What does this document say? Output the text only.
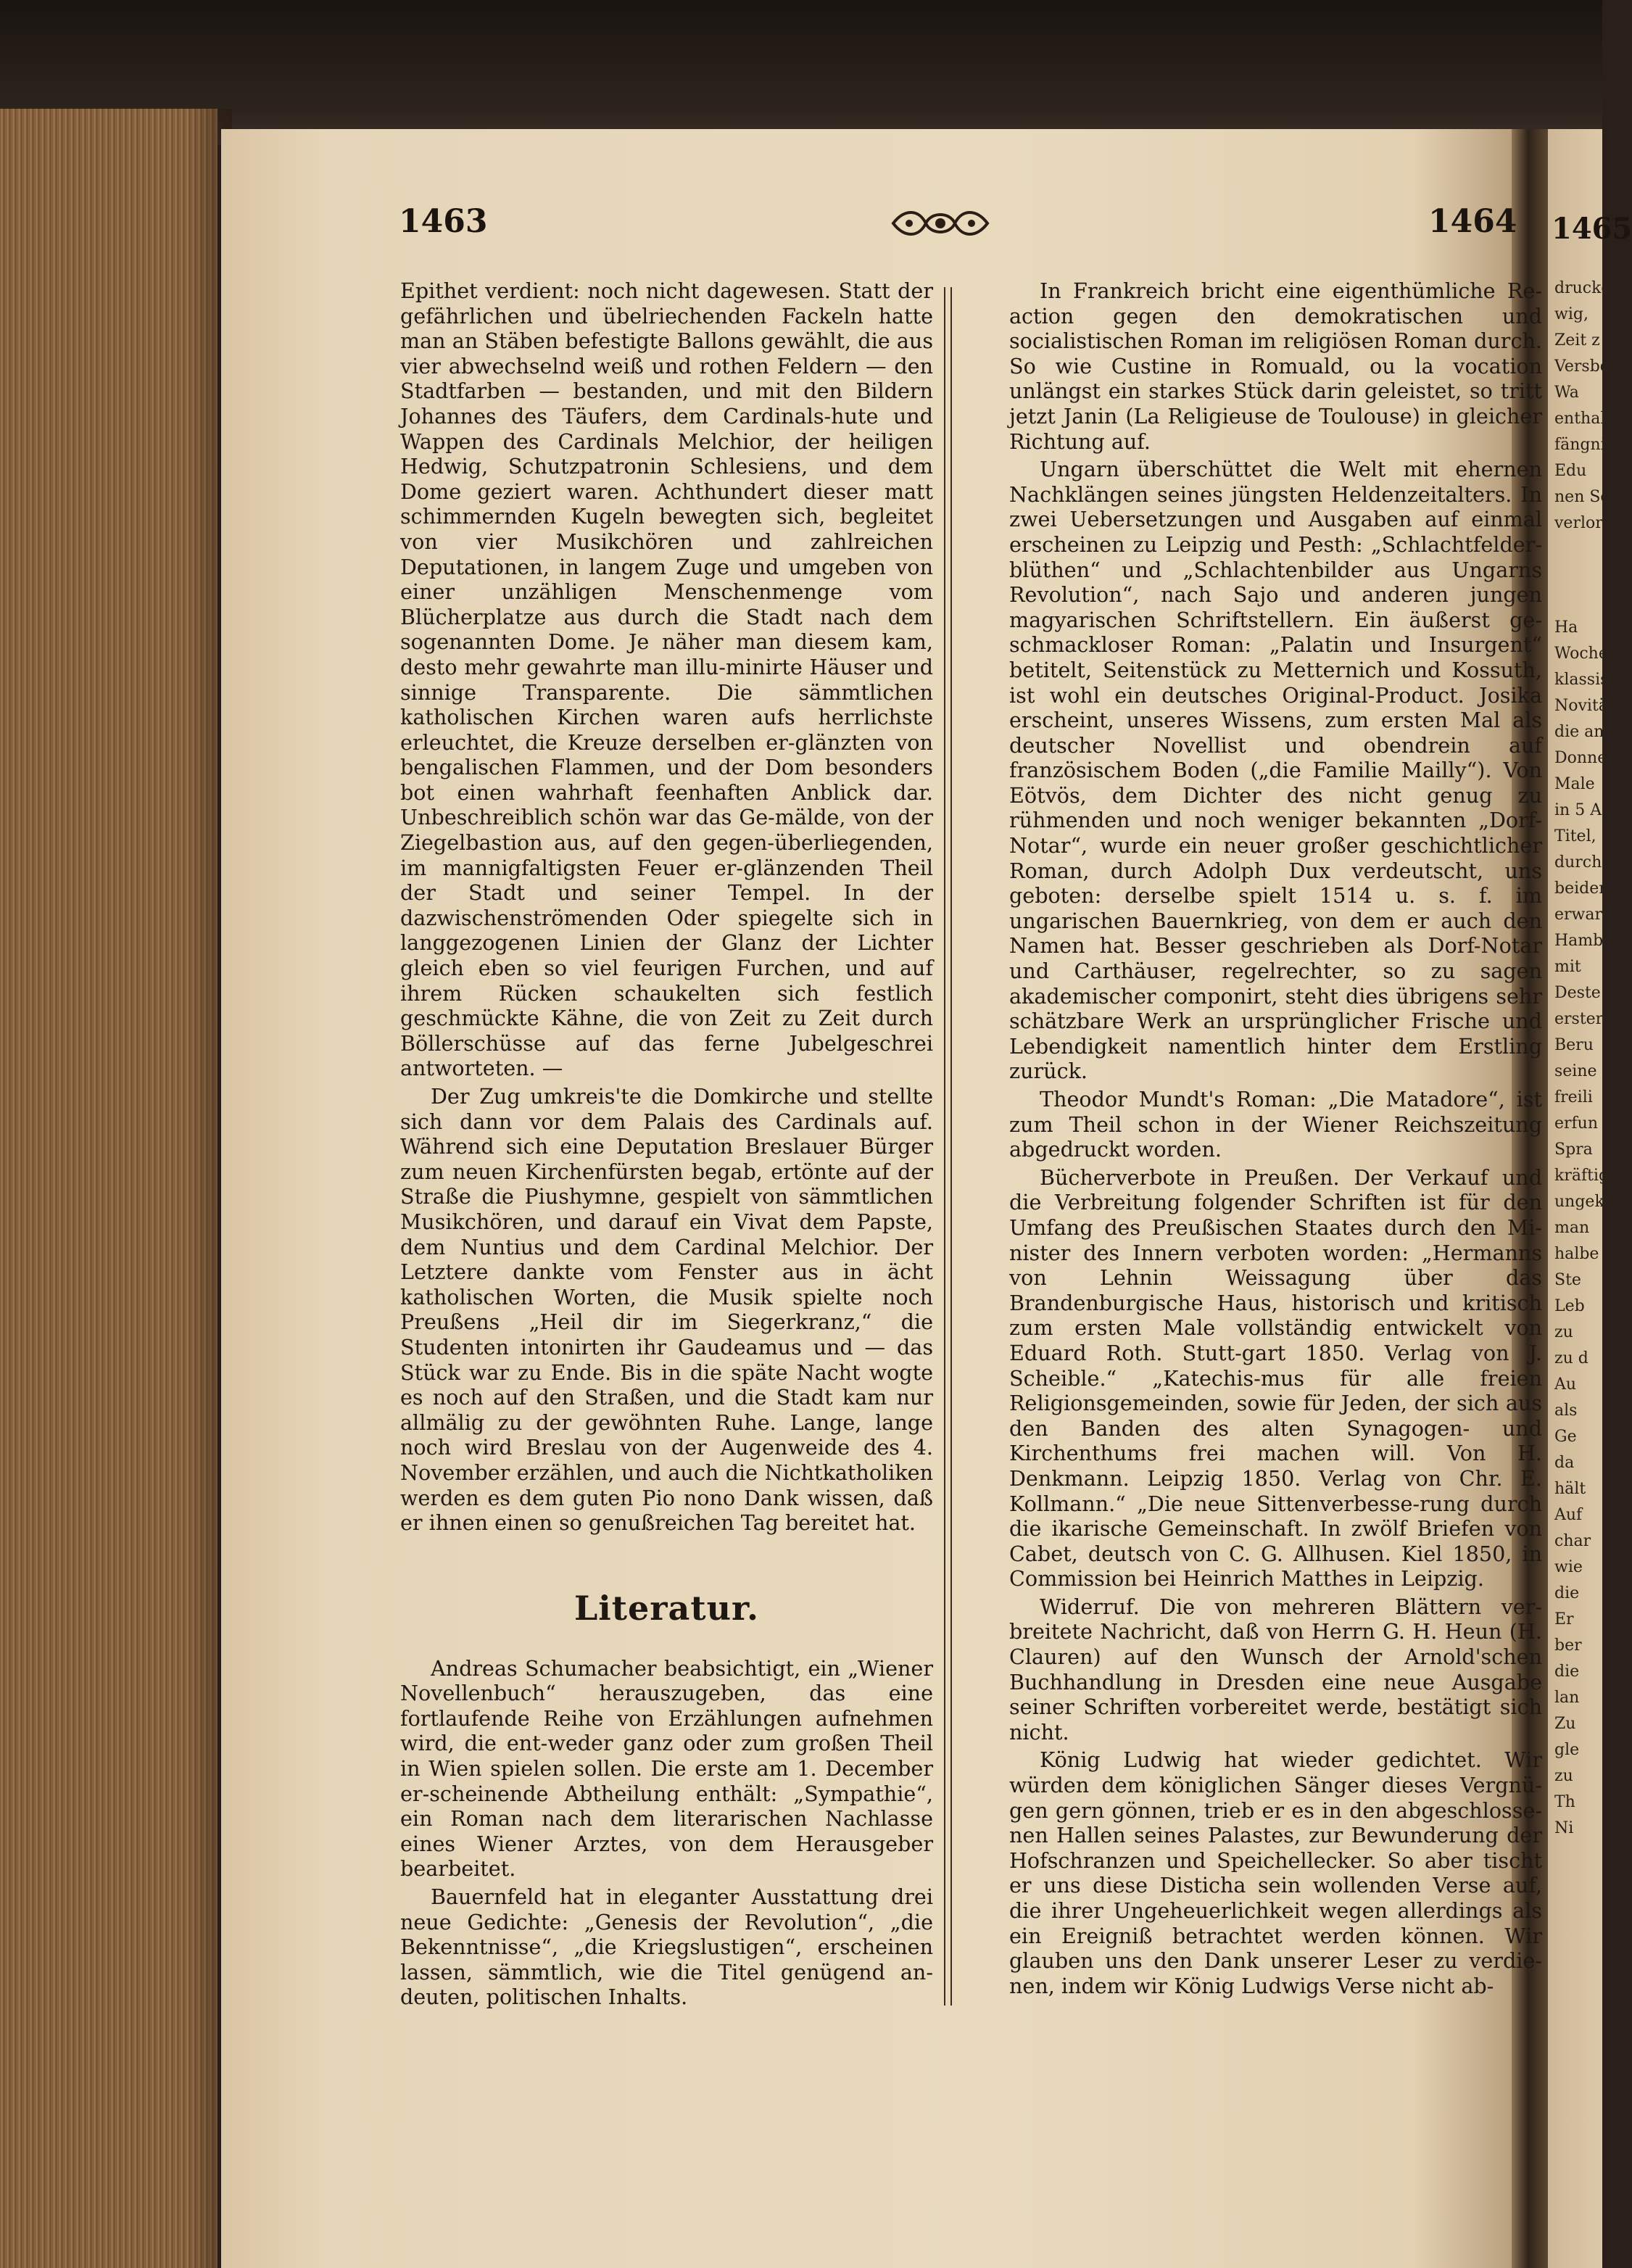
1463	1464 1465

Epithet verdient: noch nicht dagewesen. Statt der gefährlichen und übelriechenden Fackeln hatte man an Stäben befestigte Ballons gewählt, die aus vier abwechselnd weiß und rothen Feldern — den Stadtfarben — bestanden, und mit den Bildern Johannes des Täufers, dem Cardinals-hute und Wappen des Cardinals Melchior, der heiligen Hedwig, Schutzpatronin Schlesiens, und dem Dome geziert waren. Achthundert dieser matt schimmernden Kugeln bewegten sich, begleitet von vier Musikchören und zahlreichen Deputationen, in langem Zuge und umgeben von einer unzähligen Menschenmenge vom Blücherplatze aus durch die Stadt nach dem sogenannten Dome. Je näher man diesem kam, desto mehr gewahrte man illu-minirte Häuser und sinnige Transparente. Die sämmtlichen katholischen Kirchen waren aufs herrlichste erleuchtet, die Kreuze derselben er-glänzten von bengalischen Flammen, und der Dom besonders bot einen wahrhaft feenhaften Anblick dar. Unbeschreiblich schön war das Ge-mälde, von der Ziegelbastion aus, auf den gegen-überliegenden, im mannigfaltigsten Feuer er-glänzenden Theil der Stadt und seiner Tempel. In der dazwischenströmenden Oder spiegelte sich in langgezogenen Linien der Glanz der Lichter gleich eben so viel feurigen Furchen, und auf ihrem Rücken schaukelten sich festlich geschmückte Kähne, die von Zeit zu Zeit durch Böllerschüsse auf das ferne Jubelgeschrei antworteten. —

Der Zug umkreis'te die Domkirche und stellte sich dann vor dem Palais des Cardinals auf. Während sich eine Deputation Breslauer Bürger zum neuen Kirchenfürsten begab, ertönte auf der Straße die Piushymne, gespielt von sämmtlichen Musikchören, und darauf ein Vivat dem Papste, dem Nuntius und dem Cardinal Melchior. Der Letztere dankte vom Fenster aus in ächt katholischen Worten, die Musik spielte noch Preußens „Heil dir im Siegerkranz,“ die Studenten intonirten ihr Gaudeamus und — das Stück war zu Ende. Bis in die späte Nacht wogte es noch auf den Straßen, und die Stadt kam nur allmälig zu der gewöhnten Ruhe. Lange, lange noch wird Breslau von der Augenweide des 4. November erzählen, und auch die Nichtkatholiken werden es dem guten Pio nono Dank wissen, daß er ihnen einen so genußreichen Tag bereitet hat.

Literatur.

Andreas Schumacher beabsichtigt, ein „Wiener Novellenbuch“ herauszugeben, das eine fortlaufende Reihe von Erzählungen aufnehmen wird, die ent-weder ganz oder zum großen Theil in Wien spielen sollen. Die erste am 1. December er-scheinende Abtheilung enthält: „Sympathie“, ein Roman nach dem literarischen Nachlasse eines Wiener Arztes, von dem Herausgeber bearbeitet.

Bauernfeld hat in eleganter Ausstattung drei neue Gedichte: „Genesis der Revolution“, „die Bekenntnisse“, „die Kriegslustigen“, erscheinen lassen, sämmtlich, wie die Titel genügend an-deuten, politischen Inhalts.

In Frankreich bricht eine eigenthümliche Re-action gegen den demokratischen und socialistischen Roman im religiösen Roman durch. So wie Custine in Romuald, ou la vocation unlängst ein starkes Stück darin geleistet, so tritt jetzt Janin (La Religieuse de Toulouse) in gleicher Richtung auf.

Ungarn überschüttet die Welt mit ehernen Nachklängen seines jüngsten Heldenzeitalters. In zwei Uebersetzungen und Ausgaben auf einmal erscheinen zu Leipzig und Pesth: „Schlachtfelder-blüthen“ und „Schlachtenbilder aus Ungarns Revolution“, nach Sajo und anderen jungen magyarischen Schriftstellern. Ein äußerst ge-schmackloser Roman: „Palatin und Insurgent“ betitelt, Seitenstück zu Metternich und Kossuth, ist wohl ein deutsches Original-Product. Josika erscheint, unseres Wissens, zum ersten Mal als deutscher Novellist und obendrein auf französischem Boden („die Familie Mailly“). Von Eötvös, dem Dichter des nicht genug zu rühmenden und noch weniger bekannten „Dorf-Notar“, wurde ein neuer großer geschichtlicher Roman, durch Adolph Dux verdeutscht, uns geboten: derselbe spielt 1514 u. s. f. im ungarischen Bauernkrieg, von dem er auch den Namen hat. Besser geschrieben als Dorf-Notar und Carthäuser, regelrechter, so zu sagen akademischer componirt, steht dies übrigens sehr schätzbare Werk an ursprünglicher Frische und Lebendigkeit namentlich hinter dem Erstling zurück.

Theodor Mundt's Roman: „Die Matadore“, ist zum Theil schon in der Wiener Reichszeitung abgedruckt worden.

Bücherverbote in Preußen. Der Verkauf und die Verbreitung folgender Schriften ist für den Umfang des Preußischen Staates durch den Mi-nister des Innern verboten worden: „Hermanns von Lehnin Weissagung über das Brandenburgische Haus, historisch und kritisch zum ersten Male vollständig entwickelt von Eduard Roth. Stutt-gart 1850. Verlag von J. Scheible.“ „Katechis-mus für alle freien Religionsgemeinden, sowie für Jeden, der sich aus den Banden des alten Synagogen- und Kirchenthums frei machen will. Von H. Denkmann. Leipzig 1850. Verlag von Chr. E. Kollmann.“ „Die neue Sittenverbesse-rung durch die ikarische Gemeinschaft. In zwölf Briefen von Cabet, deutsch von C. G. Allhusen. Kiel 1850, in Commission bei Heinrich Matthes in Leipzig.

Widerruf. Die von mehreren Blättern ver-breitete Nachricht, daß von Herrn G. H. Heun (H. Clauren) auf den Wunsch der Arnold'schen Buchhandlung in Dresden eine neue Ausgabe seiner Schriften vorbereitet werde, bestätigt sich nicht.

König Ludwig hat wieder gedichtet. Wir würden dem königlichen Sänger dieses Vergnü-gen gern gönnen, trieb er es in den abgeschlosse-nen Hallen seines Palastes, zur Bewunderung der Hofschranzen und Speichellecker. So aber tischt er uns diese Disticha sein wollenden Verse auf, die ihrer Ungeheuerlichkeit wegen allerdings als ein Ereigniß betrachtet werden können. Wir glauben uns den Dank unserer Leser zu verdie-nen, indem wir König Ludwigs Verse nicht ab-

drucken
wig,
Zeit z
Versbe
Wa
enthalt
fängniß
Edu
nen Se
verloren

Ha
Woche
klassisch
Novitä
die an
Donne
Male
in 5 A
Titel,
durch
beiden
erwart
Hamb
mit
Deste
erster
Beru
seine
freili
erfun
Spra
kräftig
ungek
man
halbe
Ste
Leb
zu
zu d
Au
als
Ge
da
hält
Auf
char
wie
die
Er
ber
die
lan
Zu
gle
zu
Th
Ni
